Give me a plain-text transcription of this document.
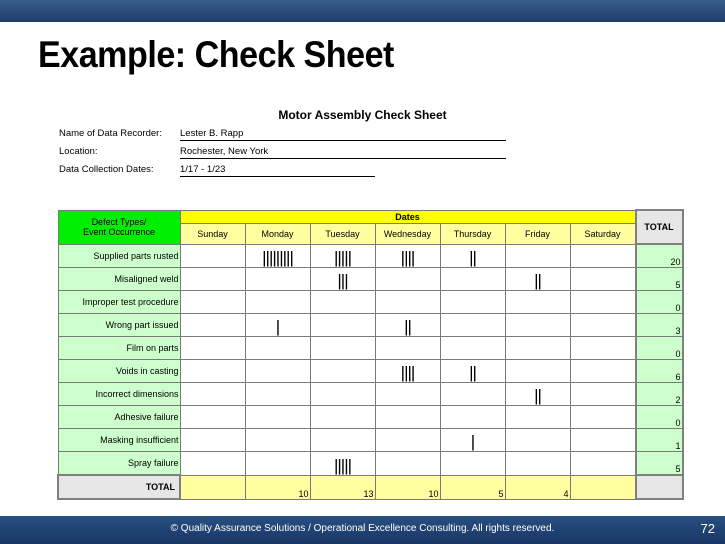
Example: Check Sheet
Motor Assembly Check Sheet
Name of Data Recorder:	Lester B. Rapp
Location:	Rochester, New York
Data Collection Dates:	1/17 - 1/23
Defect Types/
Event Occurrence	Dates							TOTAL
	Sunday	Monday	Tuesday	Wednesday	Thursday	Friday	Saturday	
Supplied parts rusted		|||||||||	|||||	||||	||			20
Misaligned weld			|||			||		5
Improper test procedure								0
Wrong part issued		|		||				3
Film on parts								0
Voids in casting				||||	||			6
Incorrect dimensions						||		2
Adhesive failure								0
Masking insufficient					|			1
Spray failure			|||||					5
TOTAL		10	13	10	5	4		
© Quality Assurance Solutions / Operational Excellence Consulting. All rights reserved.	72
